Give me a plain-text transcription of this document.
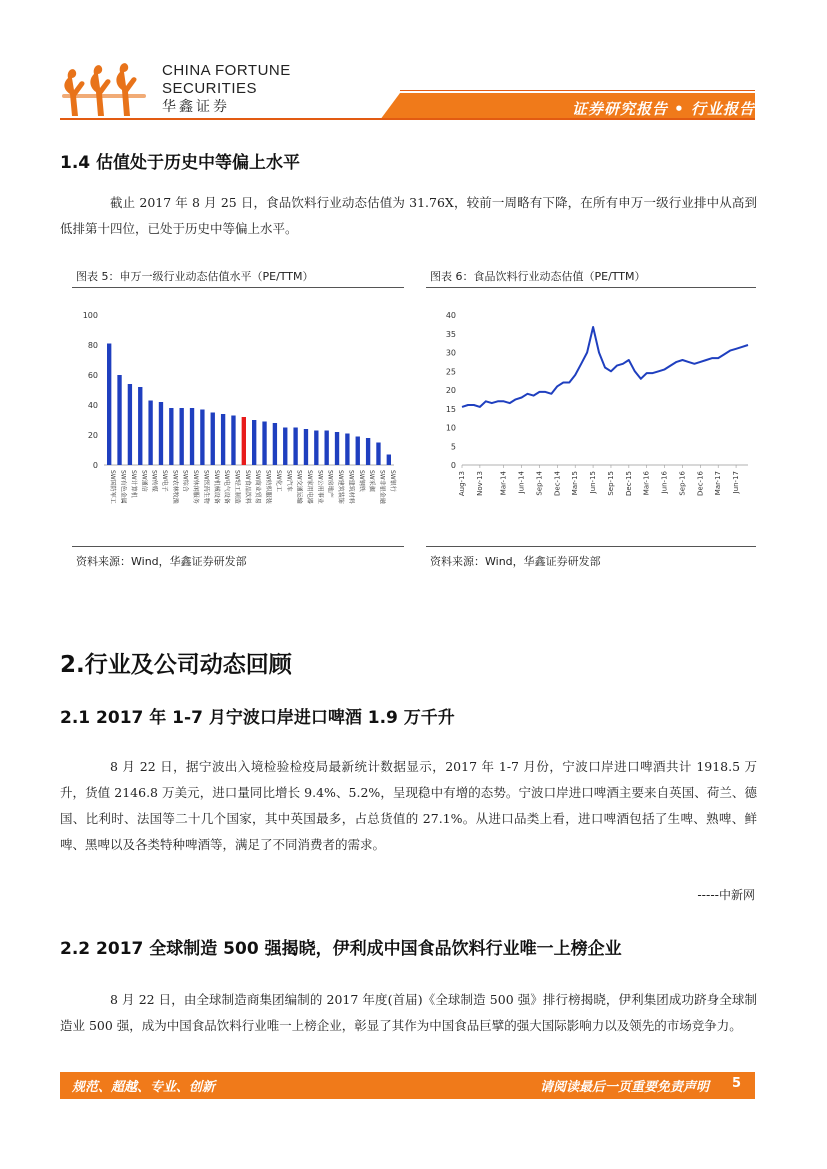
CHINA FORTUNE
SECURITIES
华鑫证券	证券研究报告 • 行业报告
1.4 估值处于历史中等偏上水平
截止 2017 年 8 月 25 日，食品饮料行业动态估值为 31.76X，较前一周略有下降，在所有申万一级行业排中从高到低排第十四位，已处于历史中等偏上水平。
图表 5：申万一级行业动态估值水平（PE/TTM）
0
20
40
60
80
100
SW国防军工 SW有色金属 SW计算机 SW通信 SW传媒 SW电子 SW农林牧渔 SW综合 SW休闲服务 SW医药生物 SW机械设备 SW电气设备 SW轻工制造 SW食品饮料 SW商业贸易 SW纺织服装 SW化工 SW汽车 SW交通运输 SW家用电器 SW公用事业 SW房地产 SW建筑装饰 SW建筑材料 SW钢铁 SW采掘 SW非银金融 SW银行
资料来源：Wind，华鑫证券研发部
图表 6：食品饮料行业动态估值（PE/TTM）
0
5
10
15
20
25
30
35
40
Aug-13 Nov-13 Mar-14 Jun-14 Sep-14 Dec-14 Mar-15 Jun-15 Sep-15 Dec-15 Mar-16 Jun-16 Sep-16 Dec-16 Mar-17 Jun-17
资料来源：Wind，华鑫证券研发部
2.行业及公司动态回顾
2.1 2017 年 1-7 月宁波口岸进口啤酒 1.9 万千升
8 月 22 日，据宁波出入境检验检疫局最新统计数据显示，2017 年 1-7 月份，宁波口岸进口啤酒共计 1918.5 万升，货值 2146.8 万美元，进口量同比增长 9.4%、5.2%，呈现稳中有增的态势。宁波口岸进口啤酒主要来自英国、荷兰、德国、比利时、法国等二十几个国家，其中英国最多，占总货值的 27.1%。从进口品类上看，进口啤酒包括了生啤、熟啤、鲜啤、黑啤以及各类特种啤酒等，满足了不同消费者的需求。
-----中新网
2.2 2017 全球制造 500 强揭晓，伊利成中国食品饮料行业唯一上榜企业
8 月 22 日，由全球制造商集团编制的 2017 年度(首届)《全球制造 500 强》排行榜揭晓，伊利集团成功跻身全球制造业 500 强，成为中国食品饮料行业唯一上榜企业，彰显了其作为中国食品巨擘的强大国际影响力以及领先的市场竞争力。
规范、超越、专业、创新	请阅读最后一页重要免责声明 5
